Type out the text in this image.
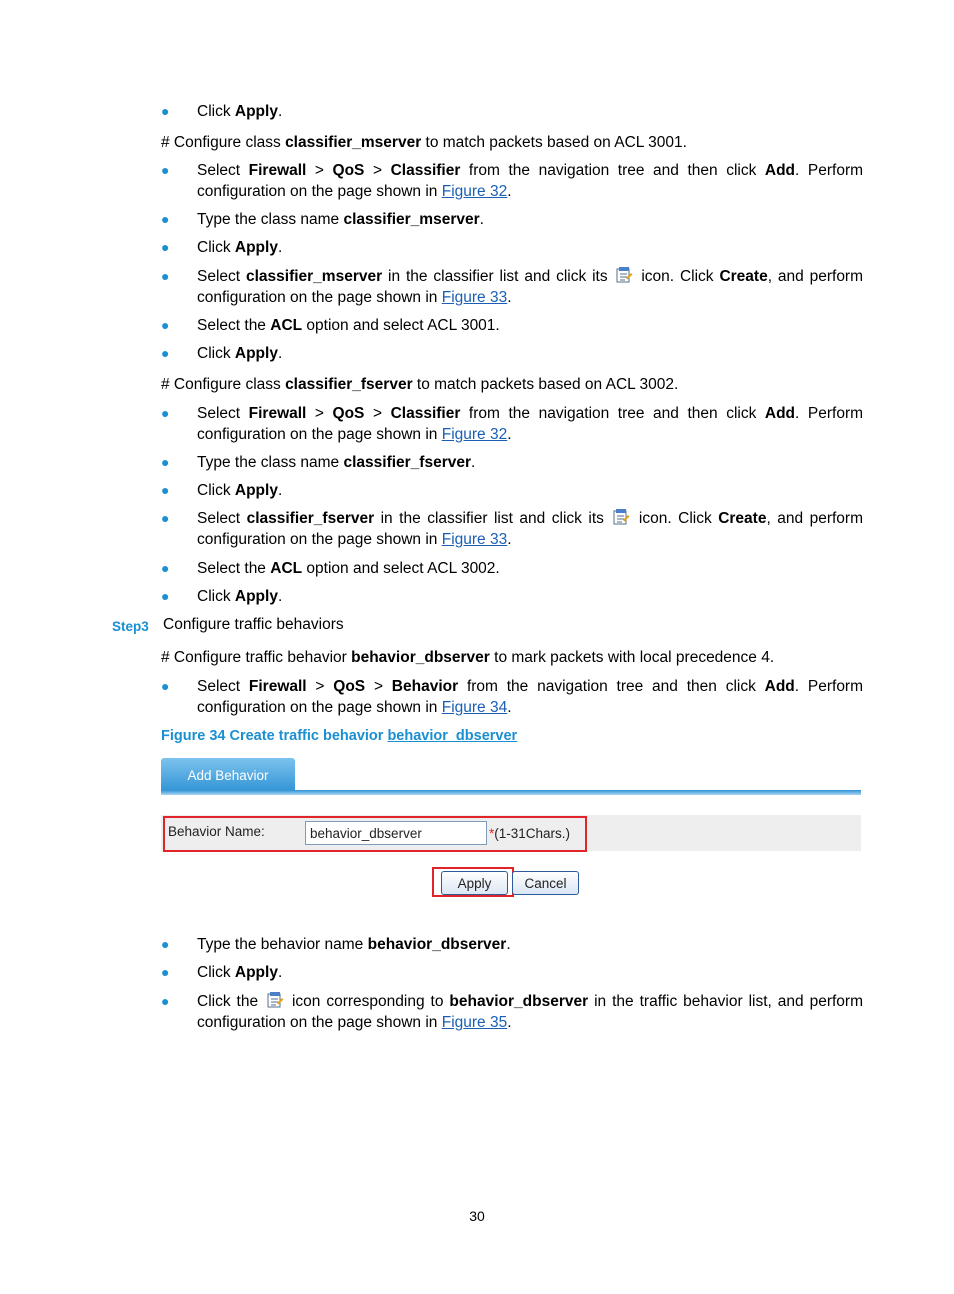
● Click Apply.
# Configure class classifier_mserver to match packets based on ACL 3001.
● Select Firewall > QoS > Classifier from the navigation tree and then click Add. Perform configuration on the page shown in Figure 32.
● Type the class name classifier_mserver.
● Click Apply.
● Select classifier_mserver in the classifier list and click its  icon. Click Create, and perform configuration on the page shown in Figure 33.
● Select the ACL option and select ACL 3001.
● Click Apply.
# Configure class classifier_fserver to match packets based on ACL 3002.
● Select Firewall > QoS > Classifier from the navigation tree and then click Add. Perform configuration on the page shown in Figure 32.
● Type the class name classifier_fserver.
● Click Apply.
● Select classifier_fserver in the classifier list and click its  icon. Click Create, and perform configuration on the page shown in Figure 33.
● Select the ACL option and select ACL 3002.
● Click Apply.
Step3 Configure traffic behaviors
# Configure traffic behavior behavior_dbserver to mark packets with local precedence 4.
● Select Firewall > QoS > Behavior from the navigation tree and then click Add. Perform configuration on the page shown in Figure 34.
Figure 34 Create traffic behavior behavior_dbserver
Add Behavior
Behavior Name:
behavior_dbserver	*(1-31Chars.)
Apply	Cancel
● Type the behavior name behavior_dbserver.
● Click Apply.
● Click the  icon corresponding to behavior_dbserver in the traffic behavior list, and perform configuration on the page shown in Figure 35.
30
